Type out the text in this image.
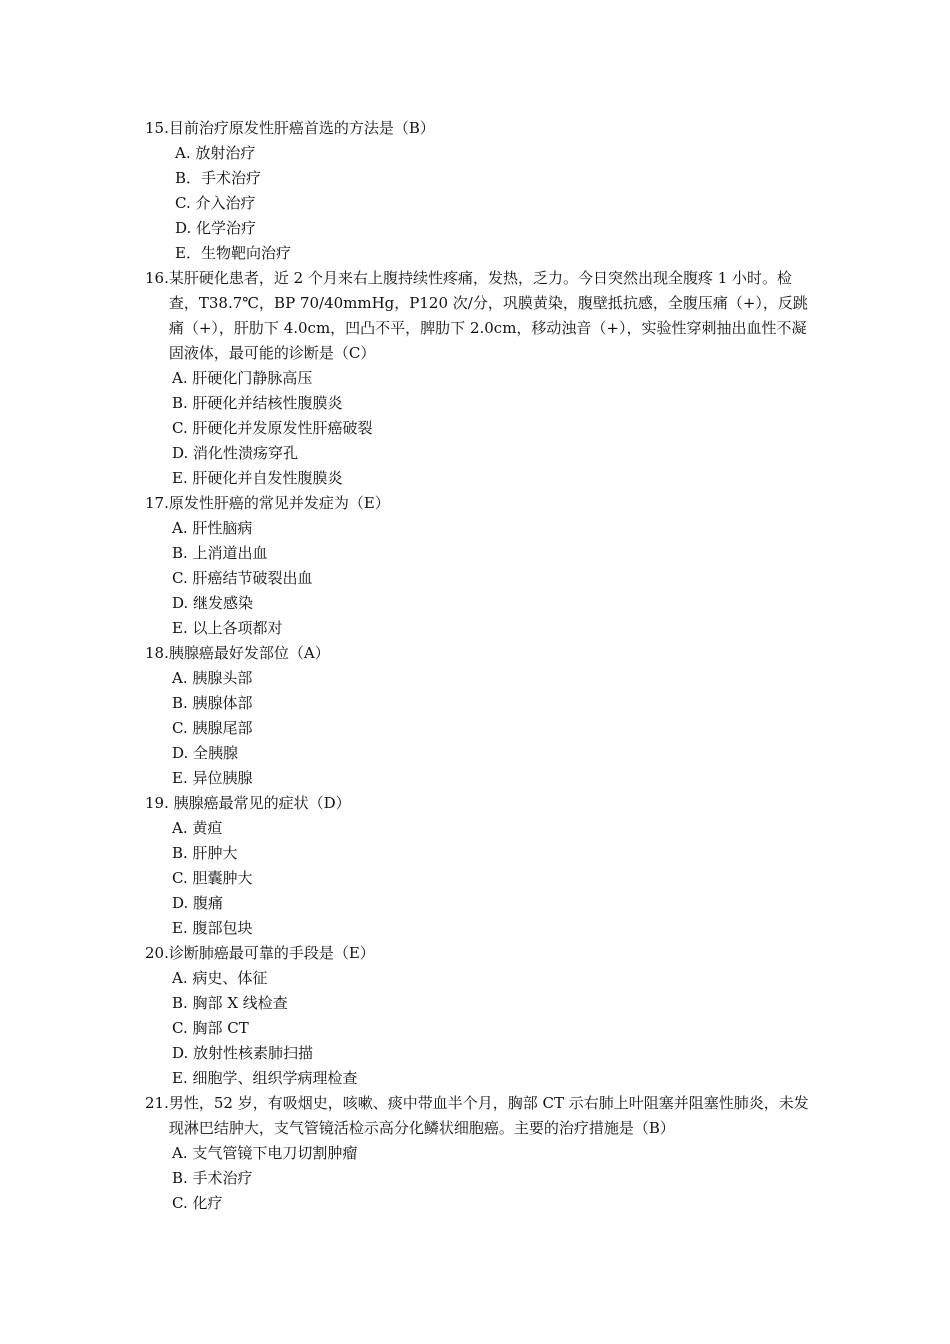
15. 目前治疗原发性肝癌首选的方法是（B）
A. 放射治疗
B．手术治疗
C. 介入治疗
D. 化学治疗
E．生物靶向治疗
16. 某肝硬化患者，近 2 个月来右上腹持续性疼痛，发热，乏力。今日突然出现全腹疼 1 小时。检查，T38.7℃，BP 70/40mmHg，P120 次/分，巩膜黄染，腹壁抵抗感，全腹压痛（+），反跳痛（+），肝肋下 4.0cm，凹凸不平，脾肋下 2.0cm，移动浊音（+），实验性穿刺抽出血性不凝固液体，最可能的诊断是（C）
A. 肝硬化门静脉高压
B. 肝硬化并结核性腹膜炎
C. 肝硬化并发原发性肝癌破裂
D. 消化性溃疡穿孔
E. 肝硬化并自发性腹膜炎
17. 原发性肝癌的常见并发症为（E）
A. 肝性脑病
B. 上消道出血
C. 肝癌结节破裂出血
D. 继发感染
E. 以上各项都对
18. 胰腺癌最好发部位（A）
A. 胰腺头部
B. 胰腺体部
C. 胰腺尾部
D. 全胰腺
E. 异位胰腺
19. 胰腺癌最常见的症状（D）
A. 黄疸
B. 肝肿大
C. 胆囊肿大
D. 腹痛
E. 腹部包块
20. 诊断肺癌最可靠的手段是（E）
A. 病史、体征
B. 胸部 X 线检查
C. 胸部 CT
D. 放射性核素肺扫描
E. 细胞学、组织学病理检查
21. 男性，52 岁，有吸烟史，咳嗽、痰中带血半个月，胸部 CT 示右肺上叶阻塞并阻塞性肺炎，未发现淋巴结肿大，支气管镜活检示高分化鳞状细胞癌。主要的治疗措施是（B）
A. 支气管镜下电刀切割肿瘤
B. 手术治疗
C. 化疗
